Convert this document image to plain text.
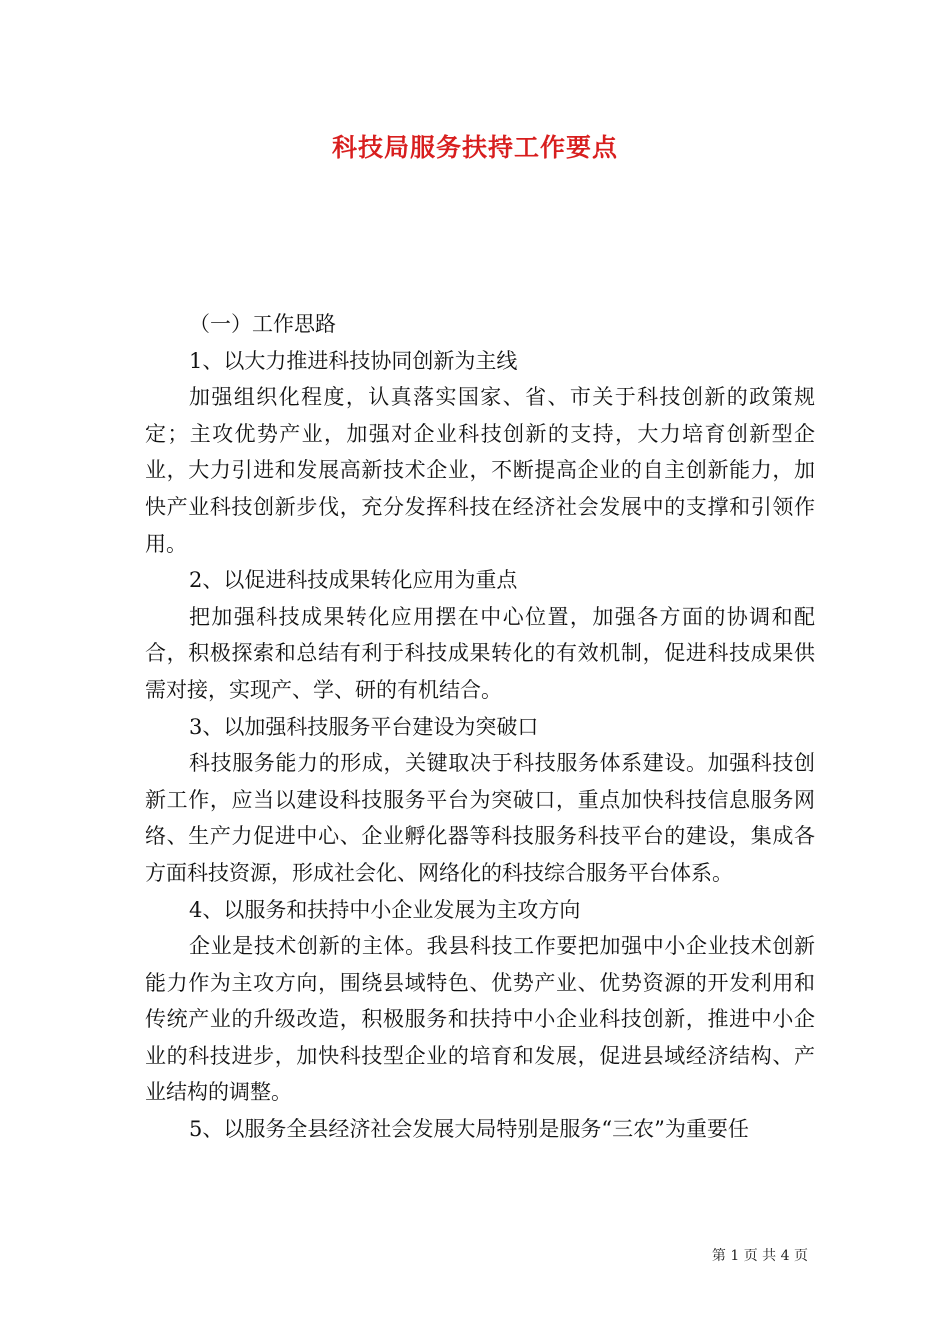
科技局服务扶持工作要点

（一）工作思路

1、以大力推进科技协同创新为主线

加强组织化程度，认真落实国家、省、市关于科技创新的政策规定；主攻优势产业，加强对企业科技创新的支持，大力培育创新型企业，大力引进和发展高新技术企业，不断提高企业的自主创新能力，加快产业科技创新步伐，充分发挥科技在经济社会发展中的支撑和引领作用。

2、以促进科技成果转化应用为重点

把加强科技成果转化应用摆在中心位置，加强各方面的协调和配合，积极探索和总结有利于科技成果转化的有效机制，促进科技成果供需对接，实现产、学、研的有机结合。

3、以加强科技服务平台建设为突破口

科技服务能力的形成，关键取决于科技服务体系建设。加强科技创新工作，应当以建设科技服务平台为突破口，重点加快科技信息服务网络、生产力促进中心、企业孵化器等科技服务科技平台的建设，集成各方面科技资源，形成社会化、网络化的科技综合服务平台体系。

4、以服务和扶持中小企业发展为主攻方向

企业是技术创新的主体。我县科技工作要把加强中小企业技术创新能力作为主攻方向，围绕县域特色、优势产业、优势资源的开发利用和传统产业的升级改造，积极服务和扶持中小企业科技创新，推进中小企业的科技进步，加快科技型企业的培育和发展，促进县域经济结构、产业结构的调整。

5、以服务全县经济社会发展大局特别是服务“三农”为重要任

第 1 页 共 4 页
